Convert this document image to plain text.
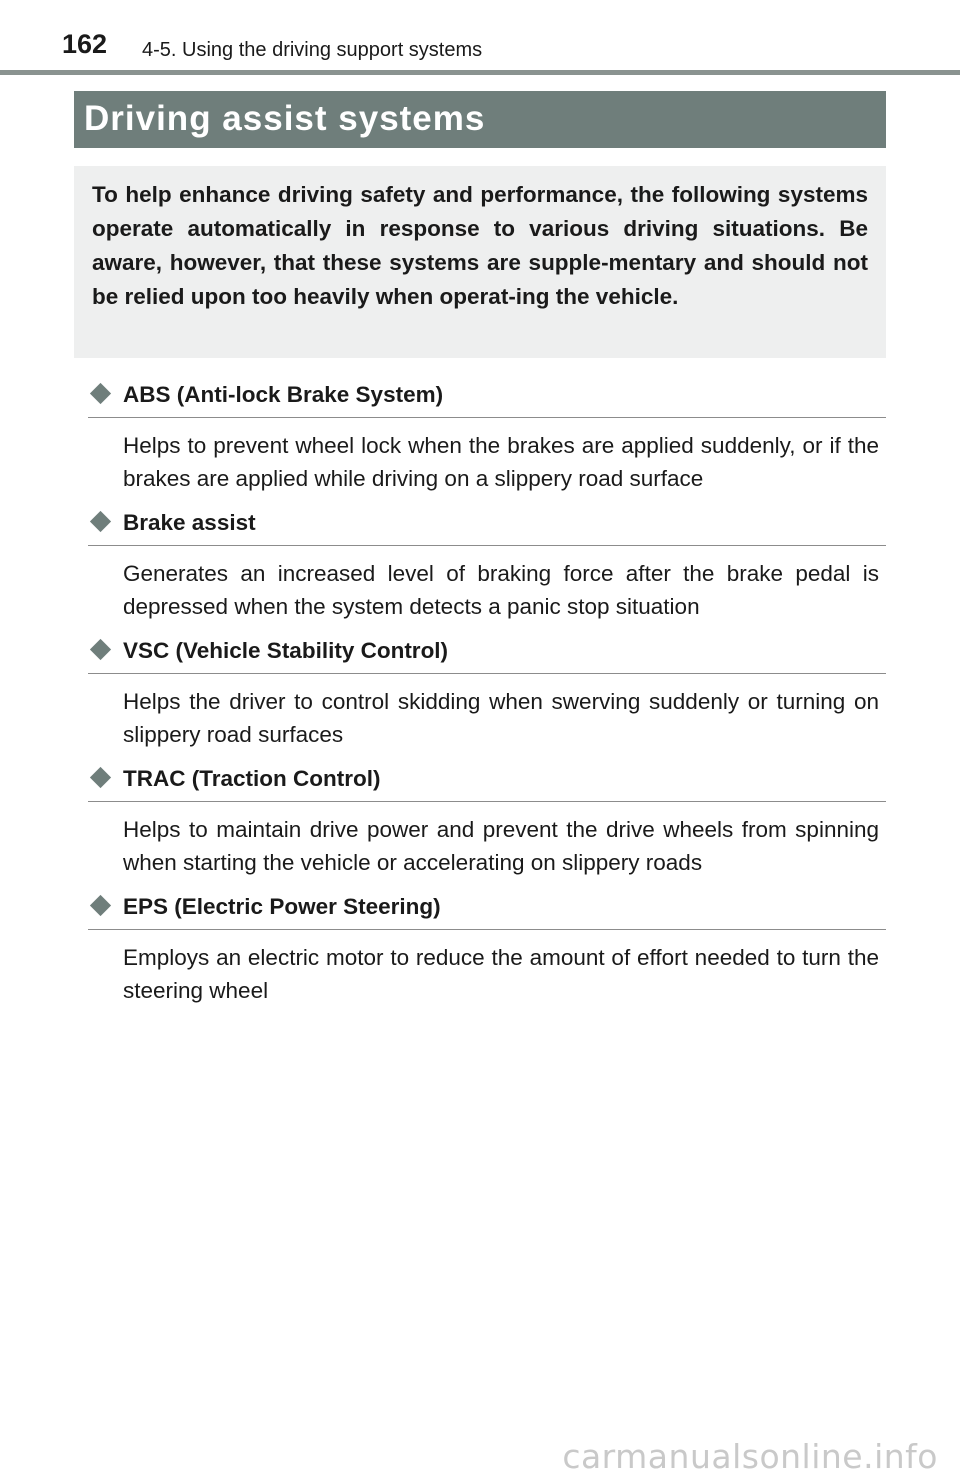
162 4-5. Using the driving support systems
Driving assist systems

To help enhance driving safety and performance, the following systems operate automatically in response to various driving situations. Be aware, however, that these systems are supple-mentary and should not be relied upon too heavily when operat-ing the vehicle.

ABS (Anti-lock Brake System)
Helps to prevent wheel lock when the brakes are applied suddenly, or if the brakes are applied while driving on a slippery road surface
Brake assist
Generates an increased level of braking force after the brake pedal is depressed when the system detects a panic stop situation
VSC (Vehicle Stability Control)
Helps the driver to control skidding when swerving suddenly or turning on slippery road surfaces
TRAC (Traction Control)
Helps to maintain drive power and prevent the drive wheels from spinning when starting the vehicle or accelerating on slippery roads
EPS (Electric Power Steering)
Employs an electric motor to reduce the amount of effort needed to turn the steering wheel
carmanualsonline.info
